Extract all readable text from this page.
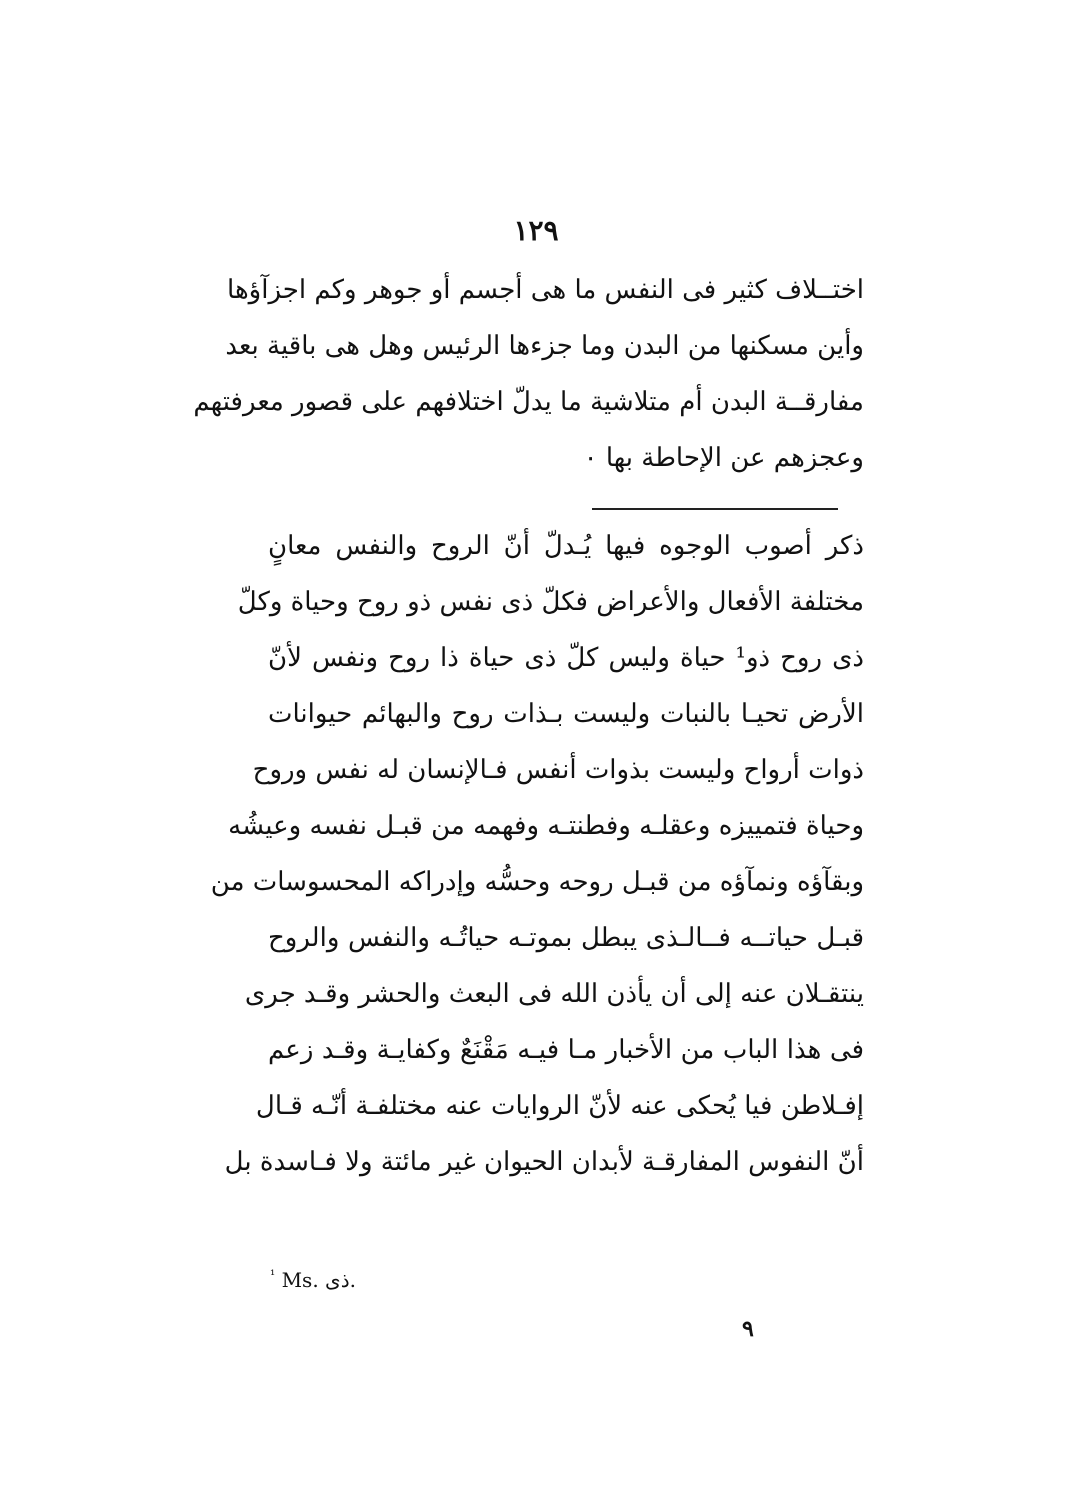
١٢٩
اختــلاف كثير فى النفس ما هى أجسم أو جوهر وكم اجزآؤها
وأين مسكنها من البدن وما جزءها الرئيس وهل هى باقية بعد
مفارقــة البدن أم متلاشية ما يدلّ اختلافهم على قصور معرفتهم
وعجزهم عن الإحاطة بها ٠
ذكر أصوب الوجوه فيها يُـدلّ أنّ الروح والنفس معانٍ
مختلفة الأفعال والأعراض فكلّ ذى نفس ذو روح وحياة وكلّ
ذى روح ذو¹ حياة وليس كلّ ذى حياة ذا روح ونفس لأنّ
الأرض تحيـا بالنبات وليست بـذات روح والبهائم حيوانات
ذوات أرواح وليست بذوات أنفس فـالإنسان له نفس وروح
وحياة فتمييزه وعقلـه وفطنتـه وفهمه من قبـل نفسه وعيشُه
وبقآؤه ونمآؤه من قبـل روحه وحسُّه وإدراكه المحسوسات من
قبـل حياتــه فــالـذى يبطل بموتـه حياتُـه والنفس والروح
ينتقـلان عنه إلى أن يأذن الله فى البعث والحشر وقـد جرى
فى هذا الباب من الأخبار مـا فيـه مَقْنَعٌ وكفايـة وقـد زعم
إفـلاطن فيا يُحكى عنه لأنّ الروايات عنه مختلفـة أنّـه قـال
أنّ النفوس المفارقـة لأبدان الحيوان غير مائتة ولا فـاسدة بل
$^{^1}$ Ms. ذى.
٩
